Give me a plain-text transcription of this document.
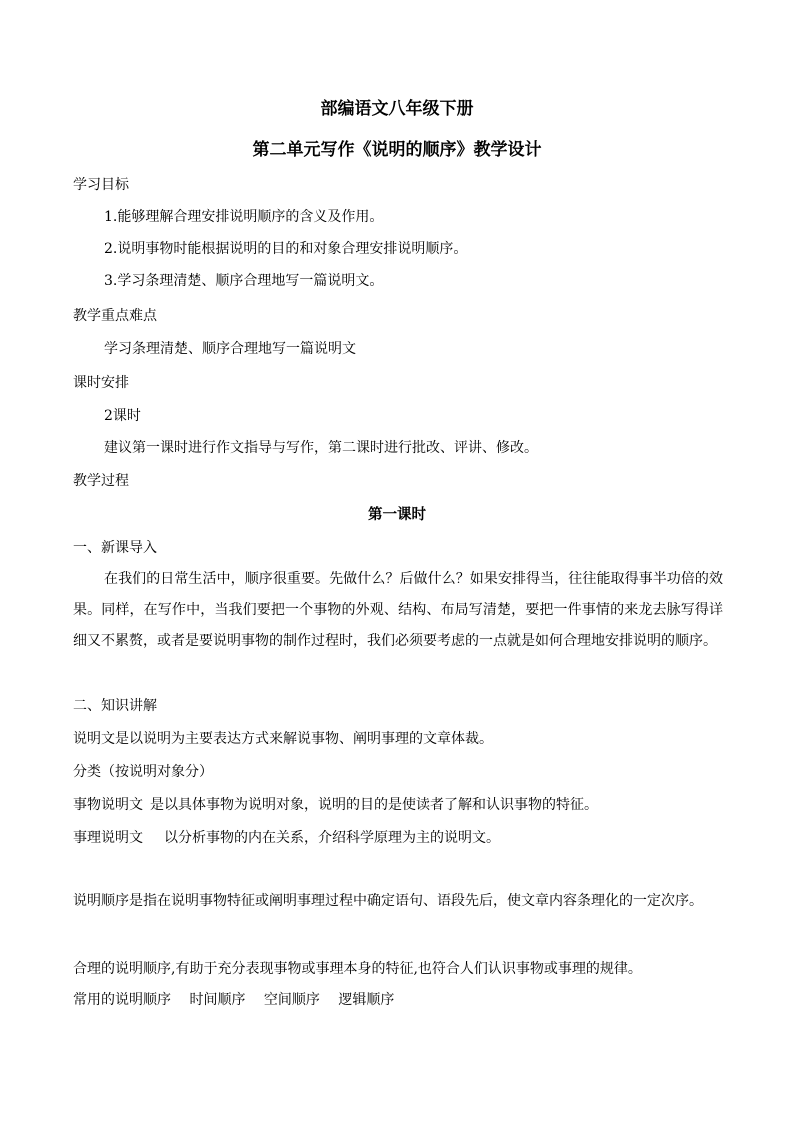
部编语文八年级下册
第二单元写作《说明的顺序》教学设计
学习目标
1.能够理解合理安排说明顺序的含义及作用。
2.说明事物时能根据说明的目的和对象合理安排说明顺序。
3.学习条理清楚、顺序合理地写一篇说明文。
教学重点难点
学习条理清楚、顺序合理地写一篇说明文
课时安排
2课时
建议第一课时进行作文指导与写作，第二课时进行批改、评讲、修改。
教学过程
第一课时
一、新课导入
在我们的日常生活中，顺序很重要。先做什么？后做什么？如果安排得当，往往能取得事半功倍的效果。同样，在写作中，当我们要把一个事物的外观、结构、布局写清楚，要把一件事情的来龙去脉写得详细又不累赘，或者是要说明事物的制作过程时，我们必须要考虑的一点就是如何合理地安排说明的顺序。
二、知识讲解
说明文是以说明为主要表达方式来解说事物、阐明事理的文章体裁。
分类（按说明对象分）
事物说明文 是以具体事物为说明对象，说明的目的是使读者了解和认识事物的特征。
事理说明文 以分析事物的内在关系，介绍科学原理为主的说明文。
说明顺序是指在说明事物特征或阐明事理过程中确定语句、语段先后，使文章内容条理化的一定次序。
合理的说明顺序,有助于充分表现事物或事理本身的特征,也符合人们认识事物或事理的规律。
常用的说明顺序 时间顺序 空间顺序 逻辑顺序
